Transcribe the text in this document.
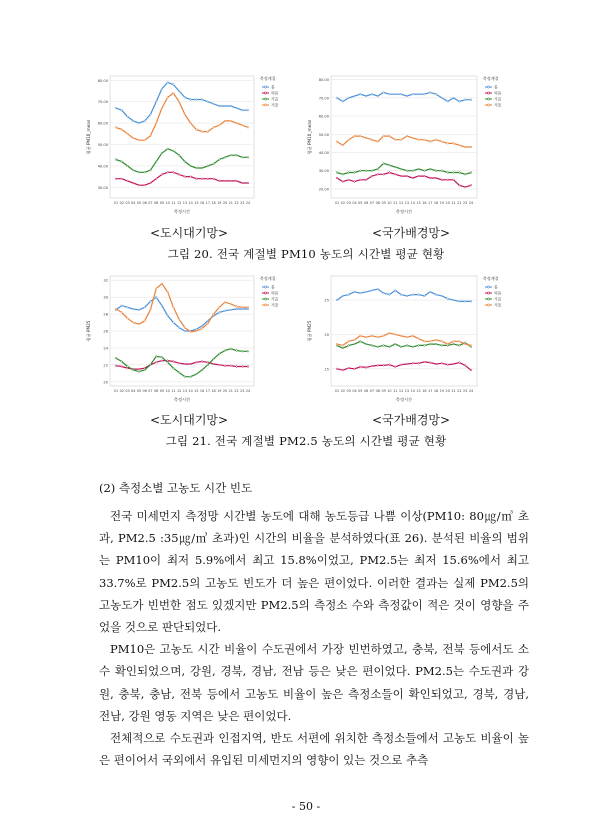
30.00
40.00
50.00
60.00
70.00
80.00
01 02 03 04 05 06 07 08 09 10 11 12 13 14 15 16 17 18 19 20 21 22 23 24
측정시간
평균 PM10_mean
측정계절
봄
여름
가을
겨울
20.00
30.00
40.00
50.00
60.00
70.00
80.00
01 02 03 04 05 06 07 08 09 10 11 12 13 14 15 16 17 18 19 20 21 22 23 24
측정시간
평균 PM10_mean
측정계절
봄
여름
가을
겨울
<도시대기망>	<국가배경망>
그림 20. 전국 계절별 PM10 농도의 시간별 평균 현황
20
22
24
26
28
30
32
01 02 03 04 05 06 07 08 09 10 11 12 13 14 15 16 17 18 19 20 21 22 23 24
측정시간
평균 PM25
측정계절
봄
여름
가을
겨울
15
20
25
01 02 03 04 05 06 07 08 09 10 11 12 13 14 15 16 17 18 19 20 21 22 23 24
측정시간
평균 PM25
측정계절
봄
여름
가을
겨울
<도시대기망>	<국가배경망>
그림 21. 전국 계절별 PM2.5 농도의 시간별 평균 현황
(2) 측정소별 고농도 시간 빈도

전국 미세먼지 측정망 시간별 농도에 대해 농도등급 나쁨 이상(PM10: 80㎍/㎥ 초과, PM2.5 :35㎍/㎥ 초과)인 시간의 비율을 분석하였다(표 26). 분석된 비율의 범위는 PM10이 최저 5.9%에서 최고 15.8%이었고, PM2.5는 최저 15.6%에서 최고 33.7%로 PM2.5의 고농도 빈도가 더 높은 편이었다. 이러한 결과는 실제 PM2.5의 고농도가 빈번한 점도 있겠지만 PM2.5의 측정소 수와 측정값이 적은 것이 영향을 주었을 것으로 판단되었다.

PM10은 고농도 시간 비율이 수도권에서 가장 빈번하였고, 충북, 전북 등에서도 소수 확인되었으며, 강원, 경북, 경남, 전남 등은 낮은 편이었다. PM2.5는 수도권과 강원, 충북, 충남, 전북 등에서 고농도 비율이 높은 측정소들이 확인되었고, 경북, 경남, 전남, 강원 영동 지역은 낮은 편이었다.

전체적으로 수도권과 인접지역, 반도 서편에 위치한 측정소들에서 고농도 비율이 높은 편이어서 국외에서 유입된 미세먼지의 영향이 있는 것으로 추측

- 50 -
